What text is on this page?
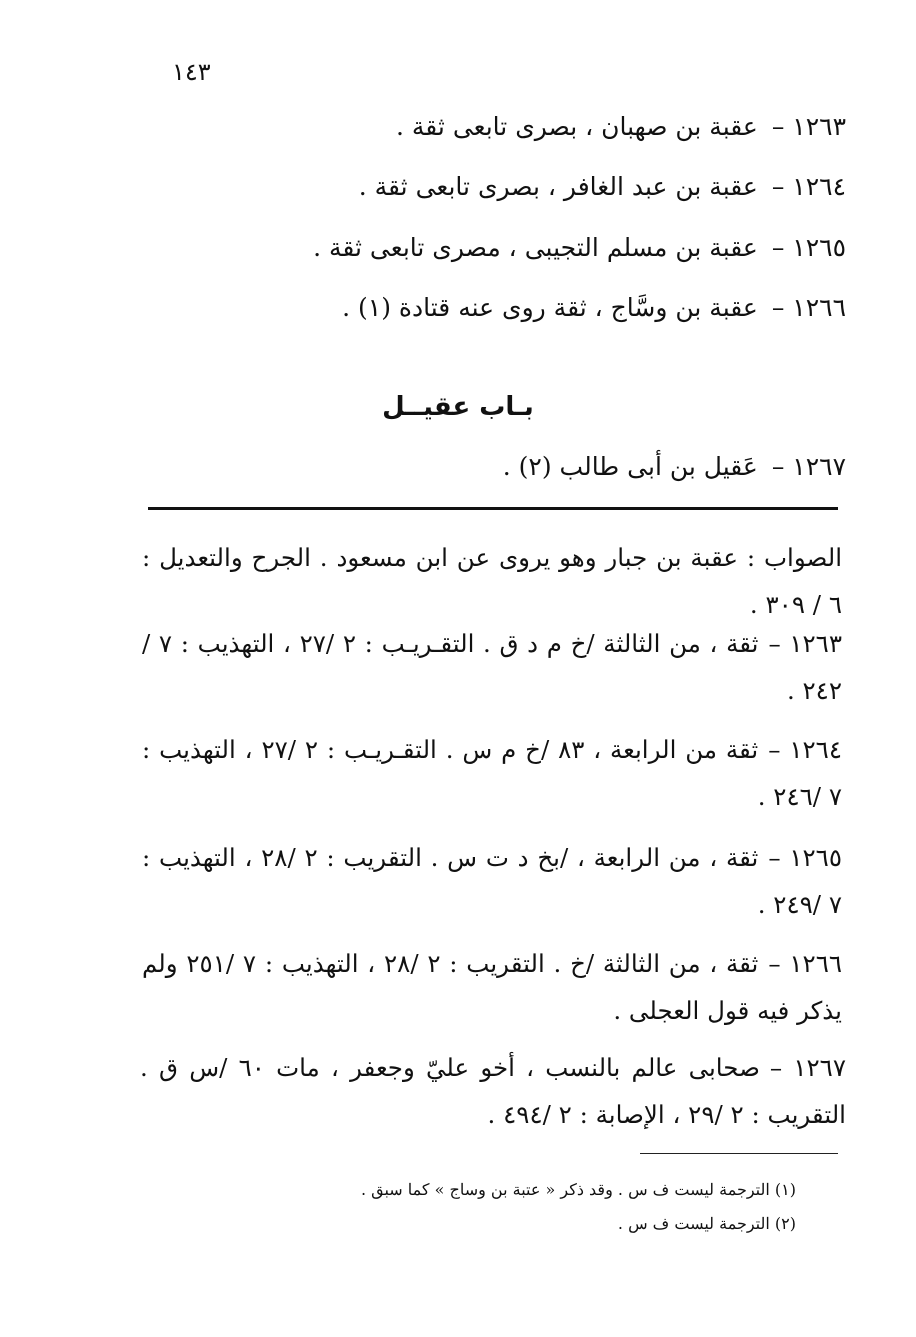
١٤٣
١٢٦٣ –عقبة بن صهبان ، بصرى تابعى ثقة .
١٢٦٤ –عقبة بن عبد الغافر ، بصرى تابعى ثقة .
١٢٦٥ –عقبة بن مسلم التجيبى ، مصرى تابعى ثقة .
١٢٦٦ –عقبة بن وسَّاج ، ثقة روى عنه قتادة (١) .
بـاب عقيــل
١٢٦٧ –عَقيل بن أبى طالب (٢) .
الصواب : عقبة بن جبار وهو يروى عن ابن مسعود . الجرح والتعديل : ٦ / ٣٠٩ .
١٢٦٣ –ثقة ، من الثالثة /خ م د ق . التقـريـب : ٢ /٢٧ ، التهذيب : ٧ /٢٤٢ .
١٢٦٤ –ثقة من الرابعة ، ٨٣ /خ م س . التقـريـب : ٢ /٢٧ ، التهذيب : ٧ /٢٤٦ .
١٢٦٥ –ثقة ، من الرابعة ، /بخ د ت س . التقريب : ٢ /٢٨ ، التهذيب : ٧ /٢٤٩ .
١٢٦٦ –ثقة ، من الثالثة /خ . التقريب : ٢ /٢٨ ، التهذيب : ٧ /٢٥١ ولم يذكر فيه قول العجلى .
١٢٦٧ –صحابى عالم بالنسب ، أخو عليّ وجعفر ، مات ٦٠ /س ق . التقريب : ٢ /٢٩ ، الإصابة : ٢ /٤٩٤ .
(١) الترجمة ليست ف س . وقد ذكر « عتبة بن وساج » كما سبق .
(٢) الترجمة ليست ف س .
